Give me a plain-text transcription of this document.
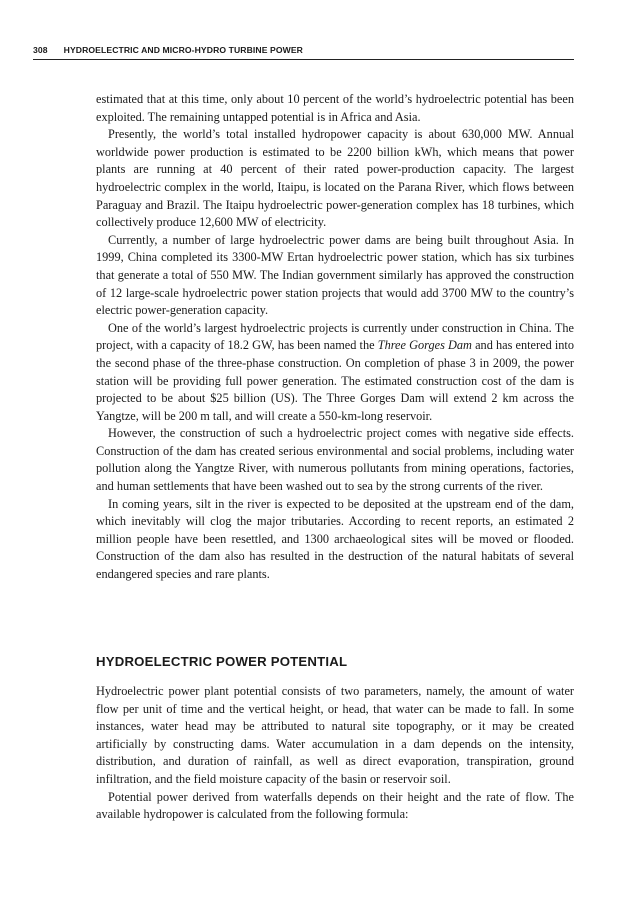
308 HYDROELECTRIC AND MICRO-HYDRO TURBINE POWER

estimated that at this time, only about 10 percent of the world’s hydroelectric potential has been exploited. The remaining untapped potential is in Africa and Asia.

Presently, the world’s total installed hydropower capacity is about 630,000 MW. Annual worldwide power production is estimated to be 2200 billion kWh, which means that power plants are running at 40 percent of their rated power-production capacity. The largest hydroelectric complex in the world, Itaipu, is located on the Parana River, which flows between Paraguay and Brazil. The Itaipu hydroelectric power-generation complex has 18 turbines, which collectively produce 12,600 MW of electricity.

Currently, a number of large hydroelectric power dams are being built throughout Asia. In 1999, China completed its 3300-MW Ertan hydroelectric power station, which has six turbines that generate a total of 550 MW. The Indian government similarly has approved the construction of 12 large-scale hydroelectric power station projects that would add 3700 MW to the country’s electric power-generation capacity.

One of the world’s largest hydroelectric projects is currently under construction in China. The project, with a capacity of 18.2 GW, has been named the Three Gorges Dam and has entered into the second phase of the three-phase construction. On completion of phase 3 in 2009, the power station will be providing full power generation. The estimated construction cost of the dam is projected to be about $25 billion (US). The Three Gorges Dam will extend 2 km across the Yangtze, will be 200 m tall, and will create a 550-km-long reservoir.

However, the construction of such a hydroelectric project comes with negative side effects. Construction of the dam has created serious environmental and social problems, including water pollution along the Yangtze River, with numerous pollutants from mining operations, factories, and human settlements that have been washed out to sea by the strong currents of the river.

In coming years, silt in the river is expected to be deposited at the upstream end of the dam, which inevitably will clog the major tributaries. According to recent reports, an estimated 2 million people have been resettled, and 1300 archaeological sites will be moved or flooded. Construction of the dam also has resulted in the destruction of the natural habitats of several endangered species and rare plants.

HYDROELECTRIC POWER POTENTIAL

Hydroelectric power plant potential consists of two parameters, namely, the amount of water flow per unit of time and the vertical height, or head, that water can be made to fall. In some instances, water head may be attributed to natural site topography, or it may be created artificially by constructing dams. Water accumulation in a dam depends on the intensity, distribution, and duration of rainfall, as well as direct evaporation, transpiration, ground infiltration, and the field moisture capacity of the basin or reservoir soil.

Potential power derived from waterfalls depends on their height and the rate of flow. The available hydropower is calculated from the following formula:
